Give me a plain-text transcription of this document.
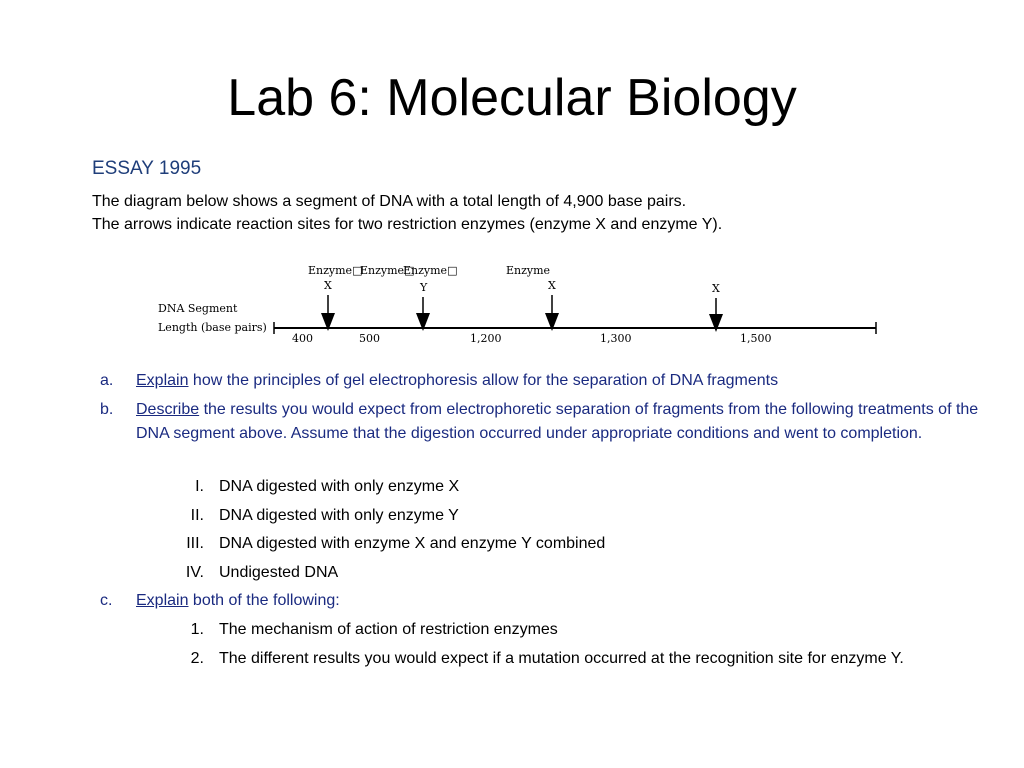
Lab 6: Molecular Biology
ESSAY 1995
The diagram below shows a segment of DNA with a total length of 4,900 base pairs.
The arrows indicate reaction sites for two restriction enzymes (enzyme X and enzyme Y).
Enzyme□
Enzyme□
Enzyme□	Enzyme
X	Y	X	X
DNA Segment
Length (base pairs)
400	500	1,200	1,300	1,500
a. Explain how the principles of gel electrophoresis allow for the separation of DNA fragments
b. Describe the results you would expect from electrophoretic separation of fragments from the following treatments of the DNA segment above. Assume that the digestion occurred under appropriate conditions and went to completion.
I. DNA digested with only enzyme X
II. DNA digested with only enzyme Y
III. DNA digested with enzyme X and enzyme Y combined
IV. Undigested DNA
c. Explain both of the following:
1. The mechanism of action of restriction enzymes
2. The different results you would expect if a mutation occurred at the recognition site for enzyme Y.
